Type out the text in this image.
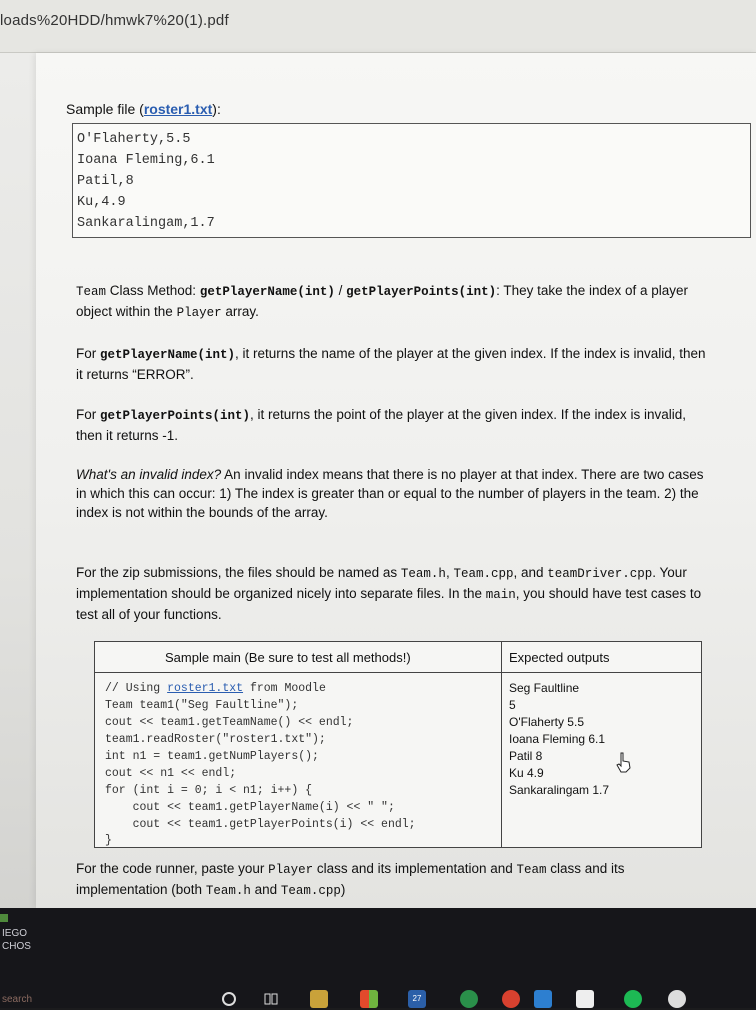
loads%20HDD/hmwk7%20(1).pdf
Sample file (roster1.txt):
O'Flaherty,5.5
Ioana Fleming,6.1
Patil,8
Ku,4.9
Sankaralingam,1.7
Team Class Method: getPlayerName(int) / getPlayerPoints(int): They take the index of a player object within the Player array.
For getPlayerName(int), it returns the name of the player at the given index. If the index is invalid, then it returns “ERROR”.
For getPlayerPoints(int), it returns the point of the player at the given index. If the index is invalid, then it returns -1.
What's an invalid index? An invalid index means that there is no player at that index. There are two cases in which this can occur: 1) The index is greater than or equal to the number of players in the team. 2) the index is not within the bounds of the array.
For the zip submissions, the files should be named as Team.h, Team.cpp, and teamDriver.cpp. Your implementation should be organized nicely into separate files. In the main, you should have test cases to test all of your functions.
Sample main (Be sure to test all methods!)	Expected outputs
// Using roster1.txt from Moodle
Team team1("Seg Faultline");
cout << team1.getTeamName() << endl;
team1.readRoster("roster1.txt");
int n1 = team1.getNumPlayers();
cout << n1 << endl;
for (int i = 0; i < n1; i++) {
cout << team1.getPlayerName(i) << " ";
cout << team1.getPlayerPoints(i) << endl;
}
Seg Faultline
5
O'Flaherty 5.5
Ioana Fleming 6.1
Patil 8
Ku 4.9
Sankaralingam 1.7
For the code runner, paste your Player class and its implementation and Team class and its implementation (both Team.h and Team.cpp)
IEGO
CHOS
search	27
